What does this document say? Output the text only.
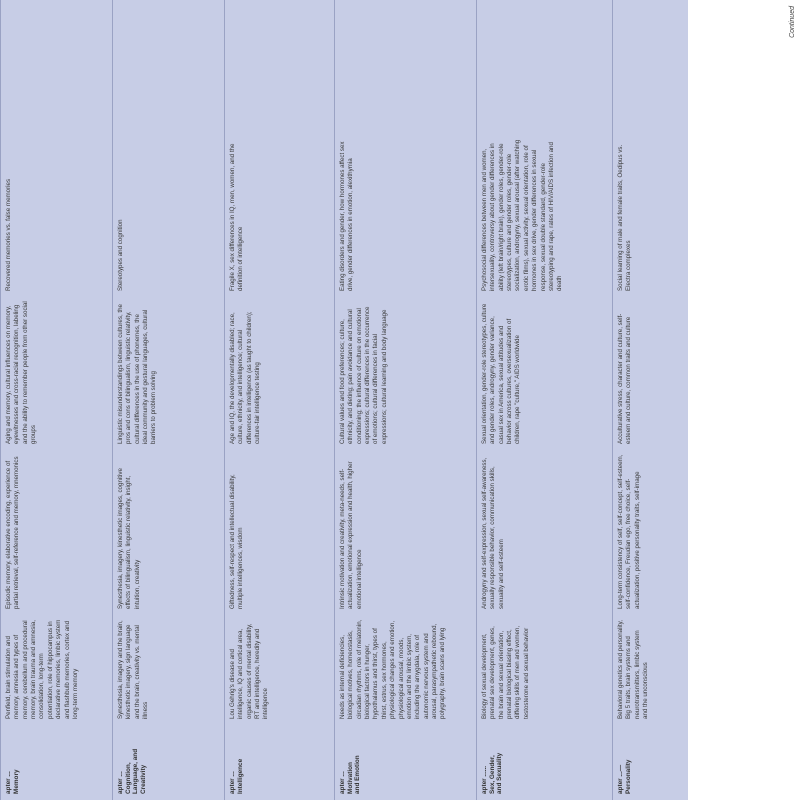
apter ...
Memory
Penfield, brain stimulation and memory, amnesia and types of memory, cerebellum and procedural memory, brain trauma and amnesia, consolidation, long-term potentiation, role of hippocampus in declarative memories, limbic system and flashbulb memories, cortex and long-term memory
Episodic memory, elaborative encoding, experience of partial retrieval, self-reference and memory, mnemonics
Aging and memory, cultural influences on memory, eyewitnesses and cross-racial recognition, labeling and the ability to remember people from other social groups
Recovered memories vs. false memories
apter ...
Cognition,
Language, and
Creativity
Synesthesia, imagery and the brain, kinesthetic imagery, sign language and the brain, creativity vs. mental illness
Synesthesia, imagery, kinesthetic images, cognitive effects of bilingualism, linguistic relativity, insight, intuition, creativity
Linguistic misunderstandings between cultures, the pros and cons of bilingualism, linguistic relativity, cultural differences in the use of phonemes, the ideal community and gestural languages, cultural barriers to problem solving
Stereotypes and cognition
apter ...
Intelligence
Lou Gehrig's disease and intelligence, IQ and cortical area, organic causes of mental disability, RT and intelligence, heredity and intelligence
Giftedness, self-respect and intellectual disability, multiple intelligences, wisdom
Age and IQ, the developmentally disabled; race, culture, ethnicity, and intelligence; cultural differences in intelligence (as taught to children); culture-fair intelligence testing
Fragile X, sex differences in IQ, men, women, and the definition of intelligence
apter ...
Motivation
and Emotion
Needs as internal deficiencies, biological motives, homeostasis, circadian rhythms, role of melatonin, biological factors in hunger, hypothalamus and thirst, types of thirst, estrus, sex hormones, physiological changes and emotion, physiological arousal, moods, emotion and the limbic system, including the amygdala, role of autonomic nervous system and arousal, parasympathetic rebound, polygraphy, brain scans and lying
Intrinsic motivation and creativity, meta-needs, self-actualization, emotional expression and health, higher emotional intelligence
Cultural values and food preferences; culture, ethnicity, and dieting; pain avoidance and cultural conditioning; the influence of culture on emotional expressions; cultural differences in the occurrence of emotions; cultural differences in facial expressions; cultural learning and body language
Eating disorders and gender, how hormones affect sex drive, gender differences in emotion, alexithymia
apter ......
Sex, Gender,
and Sexuality
Biology of sexual development, prenatal sex development, genes, the brain and sexual orientation, prenatal biological biasing effect, differing skills of men and women, testosterone and sexual behavior
Androgyny and self-expression, sexual self-awareness, sexually responsible behavior, communication skills, sexuality and self-esteem
Sexual orientation, gender-role stereotypes, culture and gender roles, androgyny, gender variance, casual sex in America, sexual attitudes and behavior across cultures, oversexualization of children, rape "culture," AIDS worldwide
Psychosocial differences between men and women, intersexuality, controversy about gender differences in ability (left brain/right brain), gender roles, gender-role stereotypes, culture and gender roles, gender-role socialization, androgyny, sexual arousal (after watching erotic films), sexual activity, sexual orientation, role of hormones in sex drive, gender differences in sexual response, sexual double standard, gender-role stereotyping and rape, rates of HIV/AIDS infection and death
apter ...—
Personality
Behavioral genetics and personality, Big 5 traits, brain systems and neurotransmitters, limbic system and the unconscious
Long-term consistency of self, self-concept, self-esteem, self-confidence, Freudian ego, free choice, self-actualization, positive personality traits, self-image
Acculturative stress, character and culture, self-esteem and culture, common traits and culture
Social learning of male and female traits, Oedipus vs. Electra complexes
Continued
